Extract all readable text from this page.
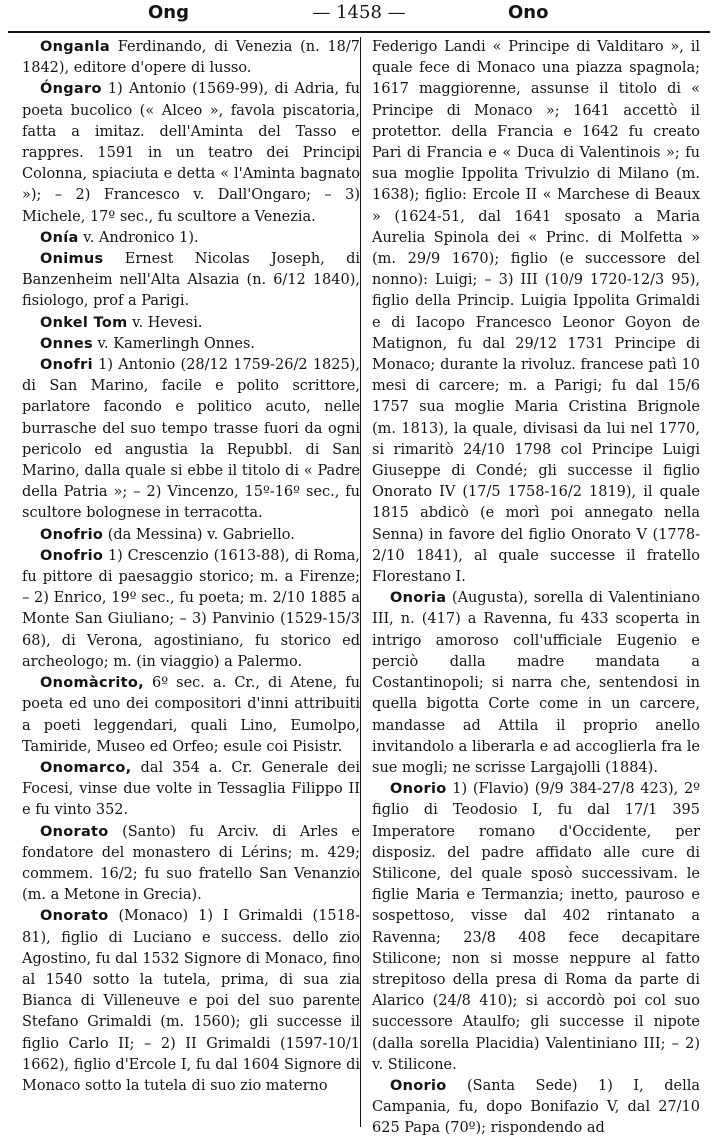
Ong	— 1458 —	Ono

Onganla Ferdinando, di Venezia (n. 18/7 1842), editore d'opere di lusso.

Óngaro 1) Antonio (1569-99), di Adria, fu poeta bucolico (« Alceo », favola piscatoria, fatta a imitaz. dell'Aminta del Tasso e rappres. 1591 in un teatro dei Principi Colonna, spiaciuta e detta « l'Aminta bagnato »); – 2) Francesco v. Dall'Ongaro; – 3) Michele, 17º sec., fu scultore a Venezia.

Onía v. Andronico 1).

Onimus Ernest Nicolas Joseph, di Banzenheim nell'Alta Alsazia (n. 6/12 1840), fisiologo, prof a Parigi.

Onkel Tom v. Hevesi.

Onnes v. Kamerlingh Onnes.

Onofri 1) Antonio (28/12 1759-26/2 1825), di San Marino, facile e polito scrittore, parlatore facondo e politico acuto, nelle burrasche del suo tempo trasse fuori da ogni pericolo ed angustia la Repubbl. di San Marino, dalla quale si ebbe il titolo di « Padre della Patria »; – 2) Vincenzo, 15º-16º sec., fu scultore bolognese in terracotta.

Onofrio (da Messina) v. Gabriello.

Onofrio 1) Crescenzio (1613-88), di Roma, fu pittore di paesaggio storico; m. a Firenze; – 2) Enrico, 19º sec., fu poeta; m. 2/10 1885 a Monte San Giuliano; – 3) Panvinio (1529-15/3 68), di Verona, agostiniano, fu storico ed archeologo; m. (in viaggio) a Palermo.

Onomàcrito, 6º sec. a. Cr., di Atene, fu poeta ed uno dei compositori d'inni attribuiti a poeti leggendari, quali Lino, Eumolpo, Tamiride, Museo ed Orfeo; esule coi Pisistr.

Onomarco, dal 354 a. Cr. Generale dei Focesi, vinse due volte in Tessaglia Filippo II e fu vinto 352.

Onorato (Santo) fu Arciv. di Arles e fondatore del monastero di Lérins; m. 429; commem. 16/2; fu suo fratello San Venanzio (m. a Metone in Grecia).

Onorato (Monaco) 1) I Grimaldi (1518-81), figlio di Luciano e success. dello zio Agostino, fu dal 1532 Signore di Monaco, fino al 1540 sotto la tutela, prima, di sua zia Bianca di Villeneuve e poi del suo parente Stefano Grimaldi (m. 1560); gli successe il figlio Carlo II; – 2) II Grimaldi (1597-10/1 1662), figlio d'Ercole I, fu dal 1604 Signore di Monaco sotto la tutela di suo zio materno

Federigo Landi « Principe di Valditaro », il quale fece di Monaco una piazza spagnola; 1617 maggiorenne, assunse il titolo di « Principe di Monaco »; 1641 accettò il protettor. della Francia e 1642 fu creato Pari di Francia e « Duca di Valentinois »; fu sua moglie Ippolita Trivulzio di Milano (m. 1638); figlio: Ercole II « Marchese di Beaux » (1624-51, dal 1641 sposato a Maria Aurelia Spinola dei « Princ. di Molfetta » (m. 29/9 1670); figlio (e successore del nonno): Luigi; – 3) III (10/9 1720-12/3 95), figlio della Princip. Luigia Ippolita Grimaldi e di Iacopo Francesco Leonor Goyon de Matignon, fu dal 29/12 1731 Principe di Monaco; durante la rivoluz. francese patì 10 mesi di carcere; m. a Parigi; fu dal 15/6 1757 sua moglie Maria Cristina Brignole (m. 1813), la quale, divisasi da lui nel 1770, si rimaritò 24/10 1798 col Principe Luigi Giuseppe di Condé; gli successe il figlio Onorato IV (17/5 1758-16/2 1819), il quale 1815 abdicò (e morì poi annegato nella Senna) in favore del figlio Onorato V (1778-2/10 1841), al quale successe il fratello Florestano I.

Onoria (Augusta), sorella di Valentiniano III, n. (417) a Ravenna, fu 433 scoperta in intrigo amoroso coll'ufficiale Eugenio e perciò dalla madre mandata a Costantinopoli; si narra che, sentendosi in quella bigotta Corte come in un carcere, mandasse ad Attila il proprio anello invitandolo a liberarla e ad accoglierla fra le sue mogli; ne scrisse Largajolli (1884).

Onorio 1) (Flavio) (9/9 384-27/8 423), 2º figlio di Teodosio I, fu dal 17/1 395 Imperatore romano d'Occidente, per disposiz. del padre affidato alle cure di Stilicone, del quale sposò successivam. le figlie Maria e Termanzia; inetto, pauroso e sospettoso, visse dal 402 rintanato a Ravenna; 23/8 408 fece decapitare Stilicone; non si mosse neppure al fatto strepitoso della presa di Roma da parte di Alarico (24/8 410); si accordò poi col suo successore Ataulfo; gli successe il nipote (dalla sorella Placidia) Valentiniano III; – 2) v. Stilicone.

Onorio (Santa Sede) 1) I, della Campania, fu, dopo Bonifazio V, dal 27/10 625 Papa (70º); rispondendo ad
